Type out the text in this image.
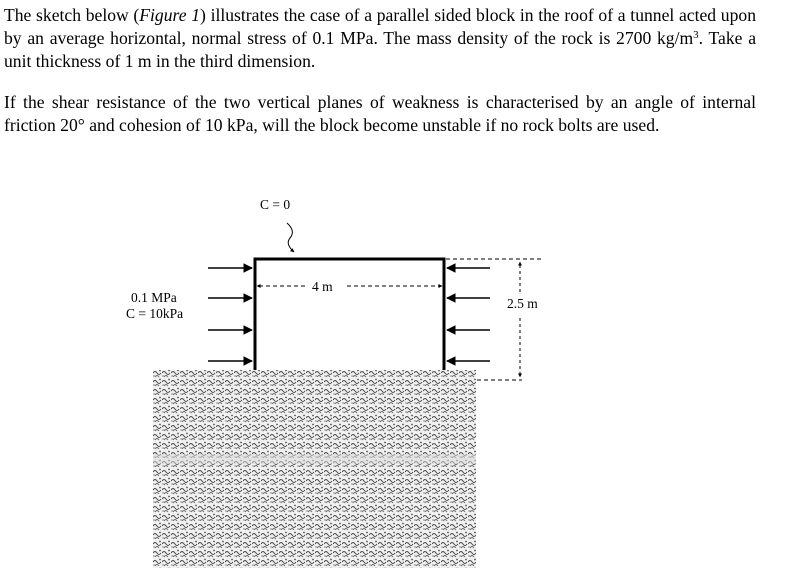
The sketch below (Figure 1) illustrates the case of a parallel sided block in the roof of a tunnel acted upon by an average horizontal, normal stress of 0.1 MPa. The mass density of the rock is 2700 $kg/m^3$. Take a unit thickness of 1 m in the third dimension.

If the shear resistance of the two vertical planes of weakness is characterised by an angle of internal friction 20° and cohesion of 10 kPa, will the block become unstable if no rock bolts are used.

C = 0
4 m
2.5 m
0.1 MPa
C = 10kPa
